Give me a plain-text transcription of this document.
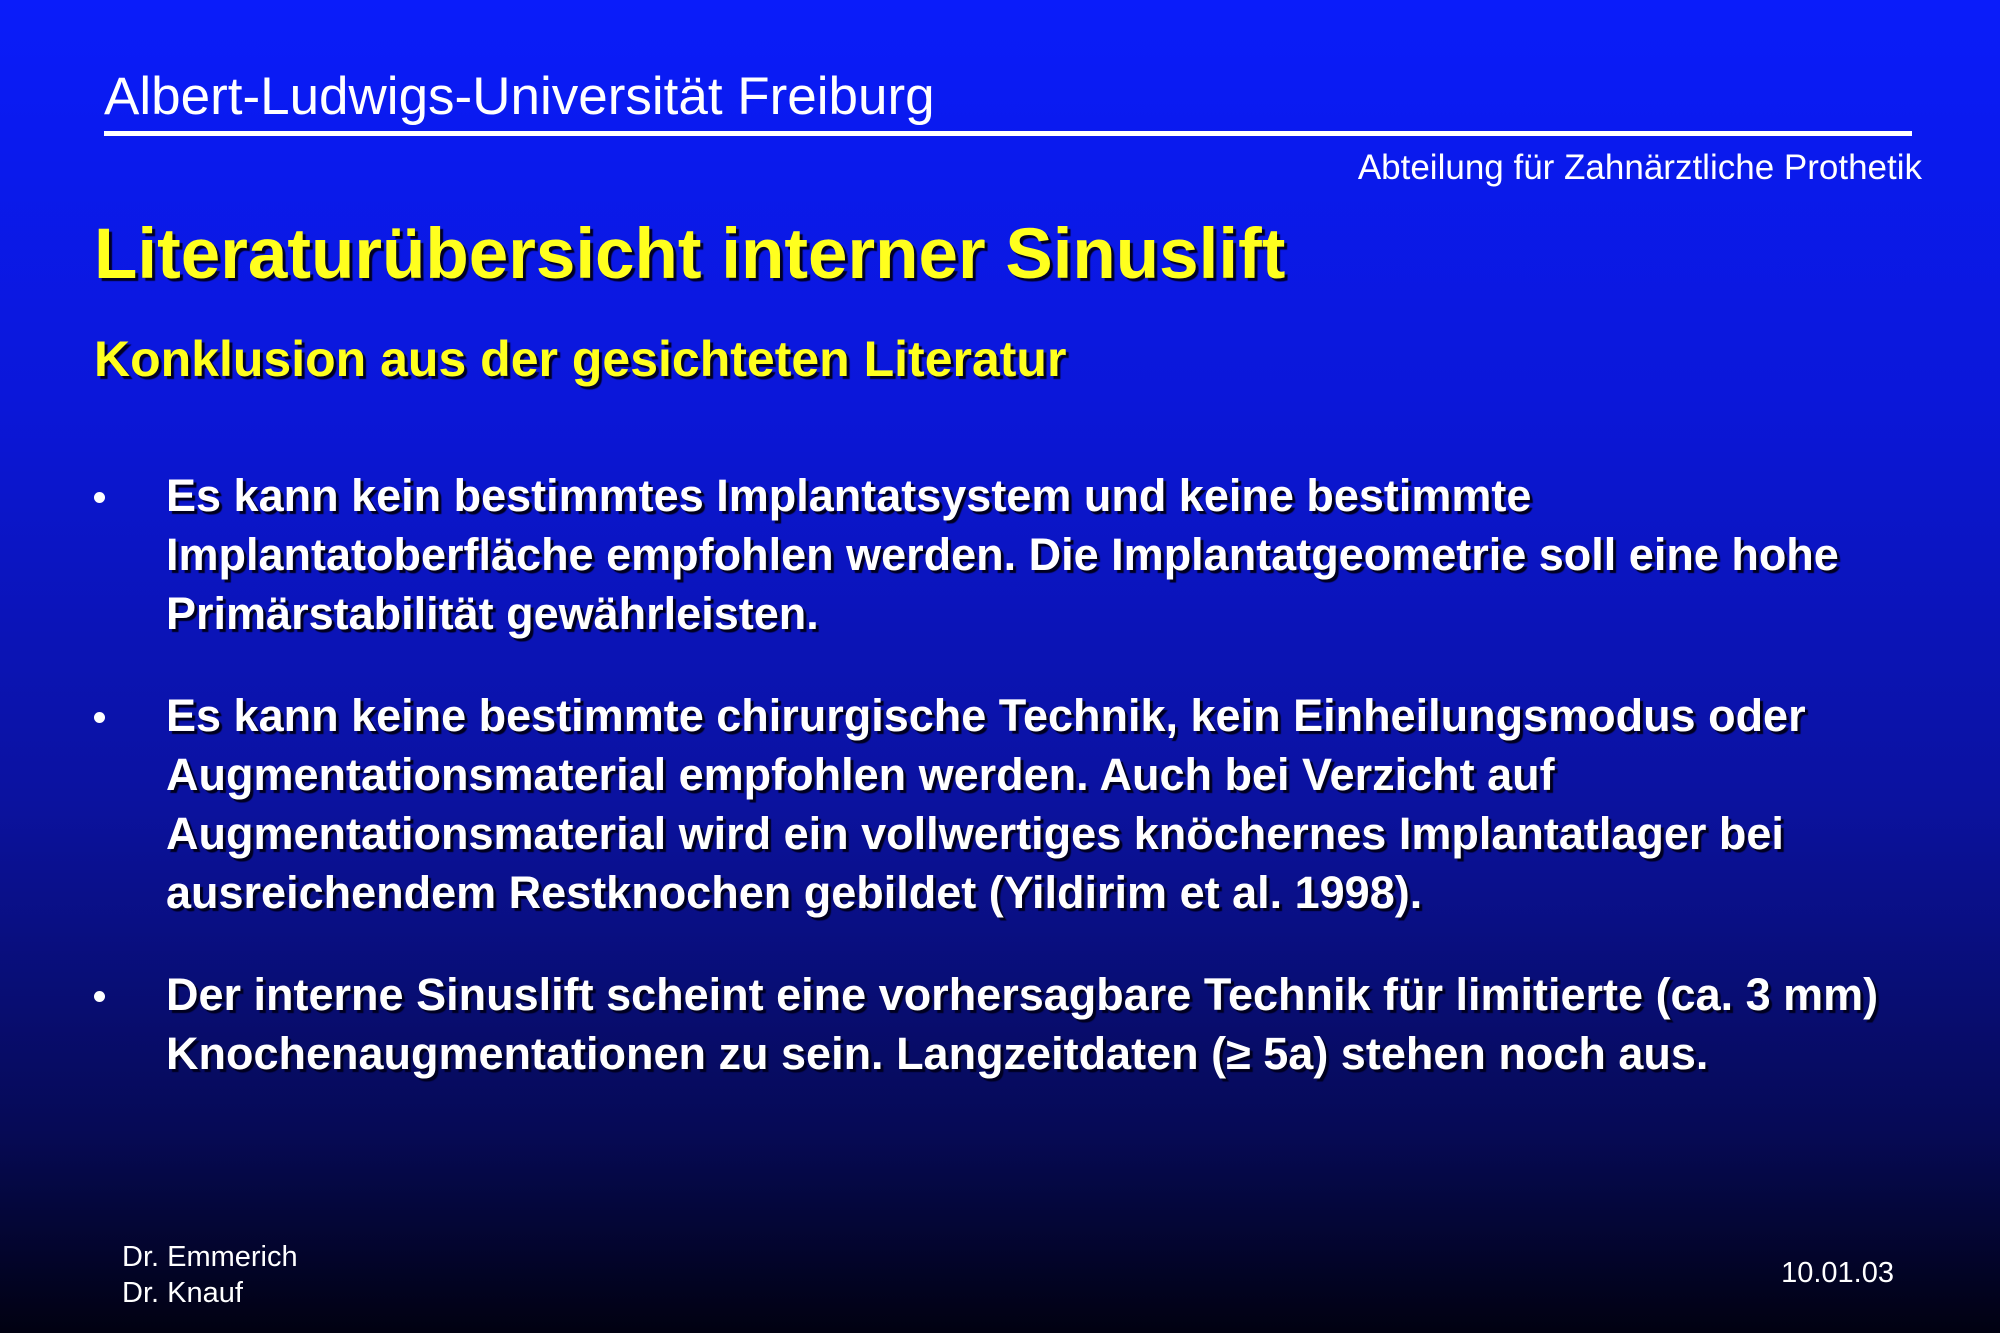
Albert-Ludwigs-Universität Freiburg
Abteilung für Zahnärztliche Prothetik
Literaturübersicht interner Sinuslift
Konklusion aus der gesichteten Literatur
Es kann kein bestimmtes Implantatsystem und keine bestimmte Implantatoberfläche empfohlen werden. Die Implantatgeometrie soll eine hohe Primärstabilität gewährleisten.
Es kann keine bestimmte chirurgische Technik, kein Einheilungsmodus oder Augmentationsmaterial empfohlen werden. Auch bei Verzicht auf Augmentationsmaterial wird ein vollwertiges knöchernes Implantatlager bei ausreichendem Restknochen gebildet (Yildirim et al. 1998).
Der interne Sinuslift scheint eine vorhersagbare Technik für limitierte (ca. 3 mm) Knochenaugmentationen zu sein. Langzeitdaten (≥ 5a) stehen noch aus.
Dr. Emmerich
Dr. Knauf
10.01.03
